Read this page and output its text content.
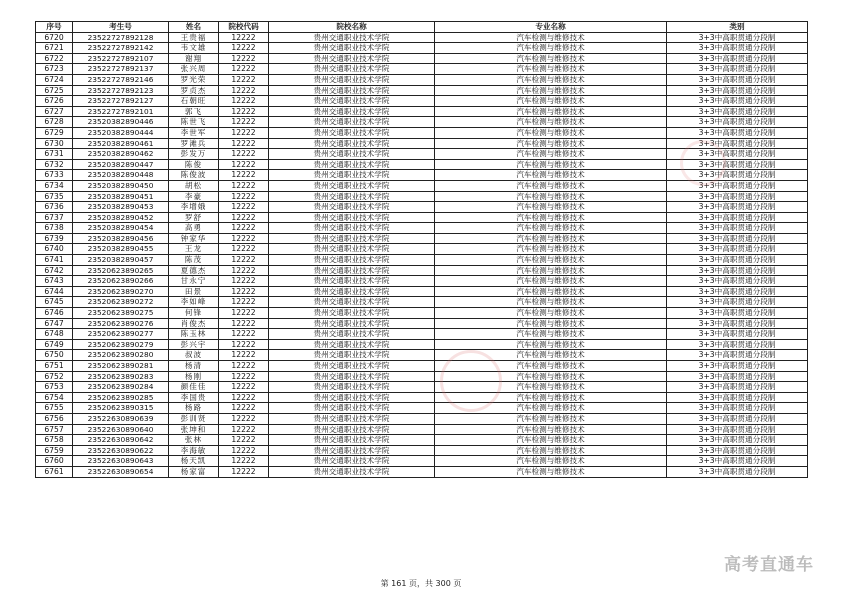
序号	考生号	姓名	院校代码	院校名称	专业名称	类别
6720	23522727892128	王贵福	12222	贵州交通职业技术学院	汽车检测与维修技术	3+3中高职贯通分段制
6721	23522727892142	韦文雄	12222	贵州交通职业技术学院	汽车检测与维修技术	3+3中高职贯通分段制
6722	23522727892107	谢翔	12222	贵州交通职业技术学院	汽车检测与维修技术	3+3中高职贯通分段制
6723	23522727892137	张兴周	12222	贵州交通职业技术学院	汽车检测与维修技术	3+3中高职贯通分段制
6724	23522727892146	罗光荣	12222	贵州交通职业技术学院	汽车检测与维修技术	3+3中高职贯通分段制
6725	23522727892123	罗贞杰	12222	贵州交通职业技术学院	汽车检测与维修技术	3+3中高职贯通分段制
6726	23522727892127	石朝旺	12222	贵州交通职业技术学院	汽车检测与维修技术	3+3中高职贯通分段制
6727	23522727892101	郭飞	12222	贵州交通职业技术学院	汽车检测与维修技术	3+3中高职贯通分段制
6728	23520382890446	陈世飞	12222	贵州交通职业技术学院	汽车检测与维修技术	3+3中高职贯通分段制
6729	23520382890444	李世军	12222	贵州交通职业技术学院	汽车检测与维修技术	3+3中高职贯通分段制
6730	23520382890461	罗滩兵	12222	贵州交通职业技术学院	汽车检测与维修技术	3+3中高职贯通分段制
6731	23520382890462	彭发万	12222	贵州交通职业技术学院	汽车检测与维修技术	3+3中高职贯通分段制
6732	23520382890447	陈俊	12222	贵州交通职业技术学院	汽车检测与维修技术	3+3中高职贯通分段制
6733	23520382890448	陈俊波	12222	贵州交通职业技术学院	汽车检测与维修技术	3+3中高职贯通分段制
6734	23520382890450	胡松	12222	贵州交通职业技术学院	汽车检测与维修技术	3+3中高职贯通分段制
6735	23520382890451	李豪	12222	贵州交通职业技术学院	汽车检测与维修技术	3+3中高职贯通分段制
6736	23520382890453	李增娥	12222	贵州交通职业技术学院	汽车检测与维修技术	3+3中高职贯通分段制
6737	23520382890452	罗舒	12222	贵州交通职业技术学院	汽车检测与维修技术	3+3中高职贯通分段制
6738	23520382890454	高勇	12222	贵州交通职业技术学院	汽车检测与维修技术	3+3中高职贯通分段制
6739	23520382890456	钟家华	12222	贵州交通职业技术学院	汽车检测与维修技术	3+3中高职贯通分段制
6740	23520382890455	王龙	12222	贵州交通职业技术学院	汽车检测与维修技术	3+3中高职贯通分段制
6741	23520382890457	陈茂	12222	贵州交通职业技术学院	汽车检测与维修技术	3+3中高职贯通分段制
6742	23520623890265	夏德杰	12222	贵州交通职业技术学院	汽车检测与维修技术	3+3中高职贯通分段制
6743	23520623890266	甘永宁	12222	贵州交通职业技术学院	汽车检测与维修技术	3+3中高职贯通分段制
6744	23520623890270	田景	12222	贵州交通职业技术学院	汽车检测与维修技术	3+3中高职贯通分段制
6745	23520623890272	李如峰	12222	贵州交通职业技术学院	汽车检测与维修技术	3+3中高职贯通分段制
6746	23520623890275	何锋	12222	贵州交通职业技术学院	汽车检测与维修技术	3+3中高职贯通分段制
6747	23520623890276	肖俊杰	12222	贵州交通职业技术学院	汽车检测与维修技术	3+3中高职贯通分段制
6748	23520623890277	陈玉林	12222	贵州交通职业技术学院	汽车检测与维修技术	3+3中高职贯通分段制
6749	23520623890279	彭兴宇	12222	贵州交通职业技术学院	汽车检测与维修技术	3+3中高职贯通分段制
6750	23520623890280	叔波	12222	贵州交通职业技术学院	汽车检测与维修技术	3+3中高职贯通分段制
6751	23520623890281	杨清	12222	贵州交通职业技术学院	汽车检测与维修技术	3+3中高职贯通分段制
6752	23520623890283	杨刚	12222	贵州交通职业技术学院	汽车检测与维修技术	3+3中高职贯通分段制
6753	23520623890284	颜佳佳	12222	贵州交通职业技术学院	汽车检测与维修技术	3+3中高职贯通分段制
6754	23520623890285	李国贵	12222	贵州交通职业技术学院	汽车检测与维修技术	3+3中高职贯通分段制
6755	23520623890315	杨路	12222	贵州交通职业技术学院	汽车检测与维修技术	3+3中高职贯通分段制
6756	23522630890639	彭训贤	12222	贵州交通职业技术学院	汽车检测与维修技术	3+3中高职贯通分段制
6757	23522630890640	张坤和	12222	贵州交通职业技术学院	汽车检测与维修技术	3+3中高职贯通分段制
6758	23522630890642	张林	12222	贵州交通职业技术学院	汽车检测与维修技术	3+3中高职贯通分段制
6759	23522630890622	李海敏	12222	贵州交通职业技术学院	汽车检测与维修技术	3+3中高职贯通分段制
6760	23522630890643	杨天凯	12222	贵州交通职业技术学院	汽车检测与维修技术	3+3中高职贯通分段制
6761	23522630890654	杨家富	12222	贵州交通职业技术学院	汽车检测与维修技术	3+3中高职贯通分段制

第 161 页，共 300 页
高考直通车
